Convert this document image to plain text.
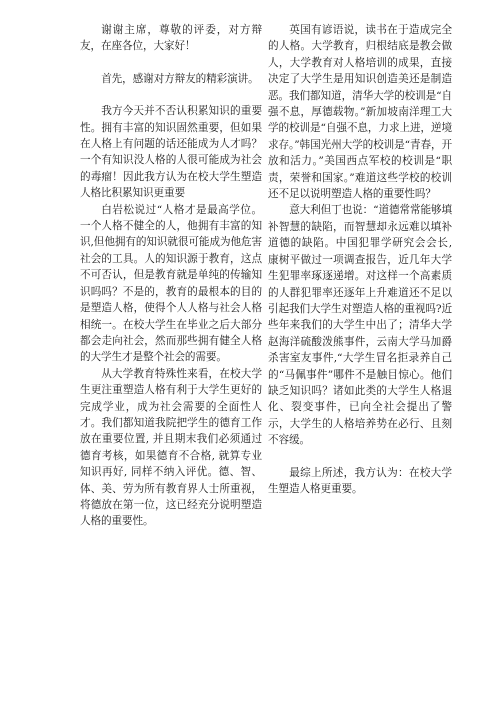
谢谢主席，尊敬的评委，对方辩友，在座各位，大家好！

首先，感谢对方辩友的精彩演讲。

我方今天并不否认积累知识的重要性。拥有丰富的知识固然重要，但如果在人格上有问题的话还能成为人才吗？一个有知识没人格的人很可能成为社会的毒瘤！因此我方认为在校大学生塑造人格比积累知识更重要

白岩松说过“人格才是最高学位。一个人格不健全的人，他拥有丰富的知识,但他拥有的知识就很可能成为他危害社会的工具。人的知识源于教育，这点不可否认，但是教育就是单纯的传输知识吗吗？不是的，教育的最根本的目的是塑造人格，使得个人人格与社会人格相统一。在校大学生在毕业之后大部分都会走向社会，然而那些拥有健全人格的大学生才是整个社会的需要。

从大学教育特殊性来看，在校大学生更注重塑造人格有利于大学生更好的完成学业，成为社会需要的全面性人才。我们都知道我院把学生的德育工作放在重要位置, 并且期末我们必须通过德育考核，如果德育不合格, 就算专业知识再好, 同样不纳入评优。德、智、体、美、劳为所有教育界人士所重视，将德放在第一位，这已经充分说明塑造人格的重要性。

英国有谚语说，读书在于造成完全的人格。大学教育，归根结底是教会做人，大学教育对人格培训的成果，直接决定了大学生是用知识创造美还是制造恶。我们都知道，清华大学的校训是“自强不息，厚德载物。”新加坡南洋理工大学的校训是“自强不息，力求上进，逆境求存。”韩国光州大学的校训是“青春，开放和活力。”美国西点军校的校训是“职责，荣誉和国家。”难道这些学校的校训还不足以说明塑造人格的重要性吗？

意大利但丁也说：“道德常常能够填补智慧的缺陷，而智慧却永远难以填补道德的缺陷。中国犯罪学研究会会长, 康树平做过一项调查报告，近几年大学生犯罪率琢逐递增。对这样一个高素质的人群犯罪率还逐年上升难道还不足以引起我们大学生对塑造人格的重视吗?近些年来我们的大学生中出了；清华大学赵海洋硫酸泼熊事件，云南大学马加爵杀害室友事件,“大学生冒名拒录养自己的“马佩事件”哪件不是触目惊心。他们缺乏知识吗？诸如此类的大学生人格退化、裂变事件，已向全社会提出了警示，大学生的人格培养势在必行、且刻不容缓。

最综上所述，我方认为：在校大学生塑造人格更重要。
